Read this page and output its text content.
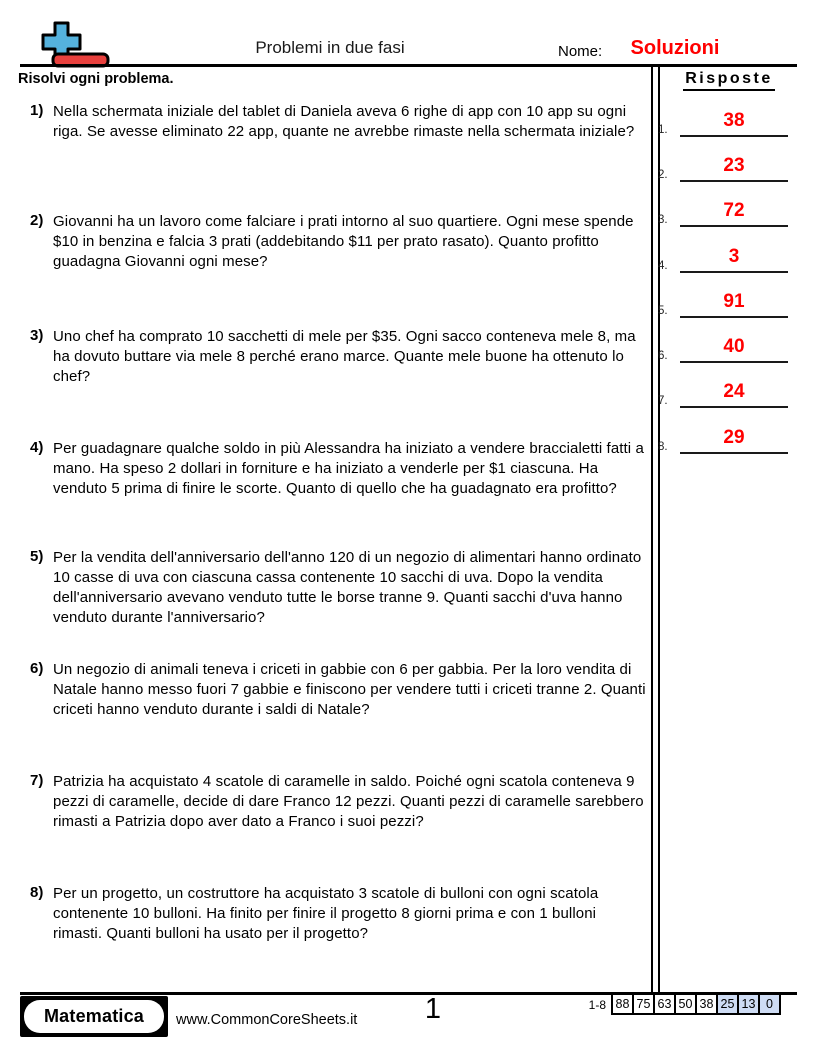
Problemi in due fasi	Nome:	Soluzioni
Risolvi ogni problema.
1) Nella schermata iniziale del tablet di Daniela aveva 6 righe di app con 10 app su ogni riga. Se avesse eliminato 22 app, quante ne avrebbe rimaste nella schermata iniziale?
2) Giovanni ha un lavoro come falciare i prati intorno al suo quartiere. Ogni mese spende $10 in benzina e falcia 3 prati (addebitando $11 per prato rasato). Quanto profitto guadagna Giovanni ogni mese?
3) Uno chef ha comprato 10 sacchetti di mele per $35. Ogni sacco conteneva mele 8, ma ha dovuto buttare via mele 8 perché erano marce. Quante mele buone ha ottenuto lo chef?
4) Per guadagnare qualche soldo in più Alessandra ha iniziato a vendere braccialetti fatti a mano. Ha speso 2 dollari in forniture e ha iniziato a venderle per $1 ciascuna. Ha venduto 5 prima di finire le scorte. Quanto di quello che ha guadagnato era profitto?
5) Per la vendita dell'anniversario dell'anno 120 di un negozio di alimentari hanno ordinato 10 casse di uva con ciascuna cassa contenente 10 sacchi di uva. Dopo la vendita dell'anniversario avevano venduto tutte le borse tranne 9. Quanti sacchi d'uva hanno venduto durante l'anniversario?
6) Un negozio di animali teneva i criceti in gabbie con 6 per gabbia. Per la loro vendita di Natale hanno messo fuori 7 gabbie e finiscono per vendere tutti i criceti tranne 2. Quanti criceti hanno venduto durante i saldi di Natale?
7) Patrizia ha acquistato 4 scatole di caramelle in saldo. Poiché ogni scatola conteneva 9 pezzi di caramelle, decide di dare Franco 12 pezzi. Quanti pezzi di caramelle sarebbero rimasti a Patrizia dopo aver dato a Franco i suoi pezzi?
8) Per un progetto, un costruttore ha acquistato 3 scatole di bulloni con ogni scatola contenente 10 bulloni. Ha finito per finire il progetto 8 giorni prima e con 1 bulloni rimasti. Quanti bulloni ha usato per il progetto?
Risposte
1.	38
2.	23
3.	72
4.	3
5.	91
6.	40
7.	24
8.	29
Matematica	www.CommonCoreSheets.it	1	1-8 88 75 63 50 38 25 13 0
